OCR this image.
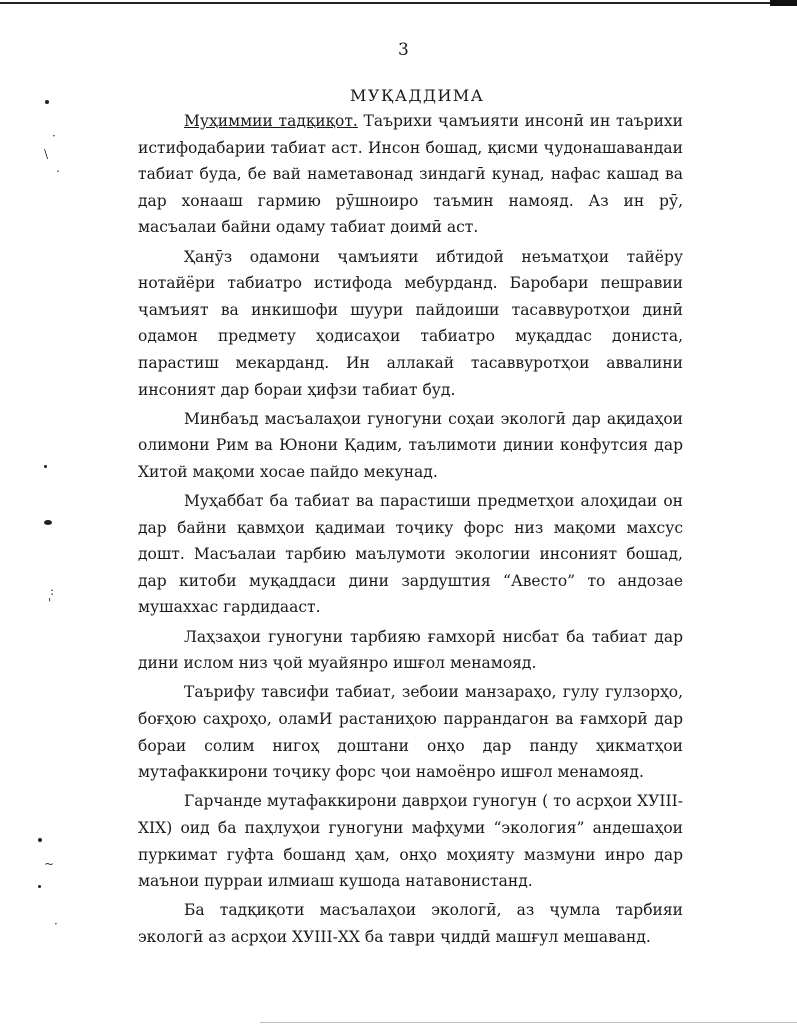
3
МУҚАДДИМА

Муҳиммии тадқиқот. Таърихи ҷамъияти инсонӣ ин таърихи истифодабарии табиат аст. Инсон бошад, қисми ҷудонашавандаи табиат буда, бе вай наметавонад зиндагӣ кунад, нафас кашад ва дар хонааш гармию рӯшноиро таъмин намояд. Аз ин рӯ, масъалаи байни одаму табиат доимӣ аст.

Ҳанӯз одамони ҷамъияти ибтидоӣ неъматҳои тайёру нотайёри табиатро истифода мебурданд. Баробари пешравии ҷамъият ва инкишофи шуури пайдоиши тасаввуротҳои динӣ одамон предмету ҳодисаҳои табиатро муқаддас донистa, парастиш мекарданд. Ин аллакай тасаввуротҳои аввалини инсоният дар бораи ҳифзи табиат буд.

Минбаъд масъалаҳои гуногуни соҳаи экологӣ дар ақидаҳои олимони Рим ва Юнони Қадим, таълимоти динии конфутсия дар Хитой мақоми хосае пайдо мекунад.

Муҳаббат ба табиат ва парастиши предметҳои алоҳидаи он дар байни қавмҳои қадимаи тоҷику форс низ мақоми махсус дошт. Масъалаи тарбию маълумоти экологии инсоният бошад, дар китоби муқаддаси дини зардуштия “Авесто” то андозае мушаххас гардидааст.

Лаҳзаҳои гуногуни тарбияю ғамхорӣ нисбат ба табиат дар дини ислом низ ҷой муайянро ишғол менамояд.

Таърифу тавсифи табиат, зебоии манзараҳо, гулу гулзорҳо, боғҳою саҳроҳо, оламИ растаниҳою паррандагон ва ғамхорӣ дар бораи солим нигоҳ доштани онҳо дар панду ҳикматҳои мутафаккирони тоҷику форс ҷои намоёнро ишғол менамояд.

Гарчанде мутафаккирони даврҳои гуногун ( то асрҳои ХУIII-ХIХ) оид ба паҳлуҳои гуногуни мафҳуми “экология” андешаҳои пуркимат гуфта бошанд ҳам, онҳо моҳияту мазмуни инро дар маънои пурраи илмиаш кушода натавонистанд.

Ба тадқиқоти масъалаҳои экологӣ, аз ҷумла тарбияи экологӣ аз асрҳои ХУIII-ХХ ба таври ҷиддӣ машғул мешаванд.

·
\
.
:
'
~
·
